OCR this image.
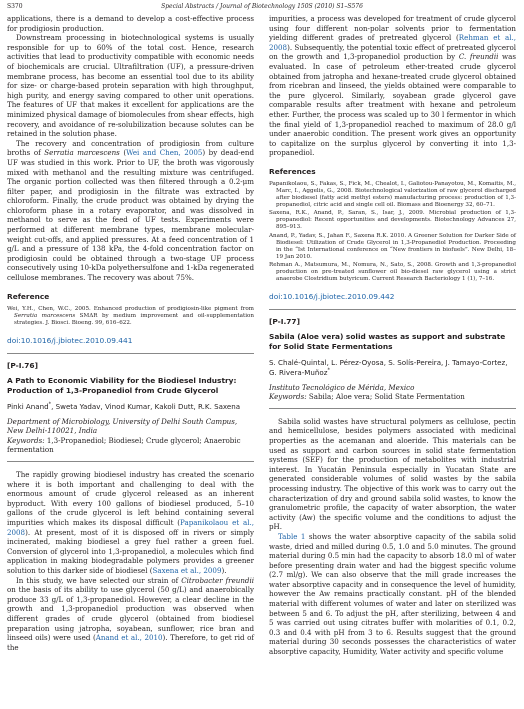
S370	Special Abstracts / Journal of Biotechnology 150S (2010) S1–S576

applications, there is a demand to develop a cost-effective process for prodigiosin production.

Downstream processing in biotechnological systems is usually responsible for up to 60% of the total cost. Hence, research activities that lead to productivity compatible with economic needs of biochemicals are crucial. Ultrafiltration (UF), a pressure-driven membrane process, has become an essential tool due to its ability for size- or charge-based protein separation with high throughput, high purity, and energy saving compared to other unit operations. The features of UF that makes it excellent for applications are the minimized physical damage of biomolecules from shear effects, high recovery, and avoidance of re-solubilization because solutes can be retained in the solution phase.

The recovery and concentration of prodigiosin from culture broths of Serratia marcescens (Wei and Chen, 2005) by dead-end UF was studied in this work. Prior to UF, the broth was vigorously mixed with methanol and the resulting mixture was centrifuged. The organic portion collected was then filtered through a 0.2-μm filter paper, and prodigiosin in the filtrate was extracted by chloroform. Finally, the crude product was obtained by drying the chloroform phase in a rotary evaporator, and was dissolved in methanol to serve as the feed of UF tests. Experiments were performed at different membrane types, membrane molecular-weight cut-offs, and applied pressures. At a feed concentration of 1 g/L and a pressure of 138 kPa, the 4-fold concentration factor on prodigiosin could be obtained through a two-stage UF process consecutively using 10-kDa polyethersulfone and 1-kDa regenerated cellulose membranes. The recovery was about 75%.

Reference
Wei, Y.H., Chen, W.C., 2005. Enhanced production of prodigiosin-like pigment from Serratia marcescens SMΔR by medium improvement and oil-supplementation strategies. J. Biosci. Bioeng. 99, 616–622.
doi:10.1016/j.jbiotec.2010.09.441
[P-I.76]
A Path to Economic Viability for the Biodiesel Industry: Production of 1,3-Propanediol from Crude Glycerol
Pinki Anand*, Sweta Yadav, Vinod Kumar, Kakoli Dutt, R.K. Saxena
Department of Microbiology, University of Delhi South Campus, New Delhi-110021, India
Keywords: 1,3-Propanediol; Biodiesel; Crude glycerol; Anaerobic fermentation

The rapidly growing biodiesel industry has created the scenario where it is both important and challenging to deal with the enormous amount of crude glycerol released as an inherent byproduct. With every 100 gallons of biodiesel produced, 5–10 gallons of the crude glycerol is left behind containing several impurities which makes its disposal difficult (Papanikolaou et al., 2008). At present, most of it is disposed off in rivers or simply incinerated, making biodiesel a grey fuel rather a green fuel. Conversion of glycerol into 1,3-propanediol, a molecules which find application in making biodegradable polymers provides a greener solution to this darker side of biodiesel (Saxena et al., 2009).

In this study, we have selected our strain of Citrobacter freundii on the basis of its ability to use glycerol (50 g/L) and anaerobically produce 33 g/L of 1,3-propanediol. However, a clear decline in the growth and 1,3-propanediol production was observed when different grades of crude glycerol (obtained from biodiesel preparation using jatropha, soyabean, sunflower, rice bran and linseed oils) were used (Anand et al., 2010). Therefore, to get rid of the

impurities, a process was developed for treatment of crude glycerol using four different non-polar solvents prior to fermentation yielding different grades of pretreated glycerol (Rehman et al., 2008). Subsequently, the potential toxic effect of pretreated glycerol on the growth and 1,3-propanediol production by C. freundii was evaluated. In case of petroleum ether-treated crude glycerol obtained from jatropha and hexane-treated crude glycerol obtained from ricebran and linseed, the yields obtained were comparable to the pure glycerol. Similarly, soyabean grade glycerol gave comparable results after treatment with hexane and petroleum ether. Further, the process was scaled up to 30 l fermentor in which the final yield of 1,3-propanediol reached to maximum of 28.0 g/l under anaerobic condition. The present work gives an opportunity to capitalize on the surplus glycerol by converting it into 1,3-propanediol.

References
Papanikolaou, S., Fakas, S., Fick, M., Chealot, I., Galiotou-Panayotou, M., Komaitis, M., Marc, I., Aggelis, G., 2008. Biotechnological valorization of raw glycerol discharged after biodiesel (fatty acid methyl esters) manufacturing process: production of 1,3-propanediol, citric acid and single cell oil. Biomass and Bioenergy 32, 60–71.
Saxena, R.K., Anand, P., Saran, S., Isar, J., 2009. Microbial production of 1,3-propanediol: Recent opportunities and developments. Biotechnology Advances 27, 895–913.
Anand, P., Yadav, S., Jahan F., Saxena R.K. 2010. A Greener Solution for Darker Side of Biodiesel: Utilization of Crude Glycerol in 1,3-Propanediol Production. Proceeding in the “Ist International conference on “New frontiers in biofuels”. New Delhi, 18–19 Jan 2010.
Rehman A., Matsumura, M., Nomura, N., Sato, S., 2008. Growth and 1,3-propanediol production on pre-treated sunflower oil bio-diesel raw glycerol using a strict anaerobe Clostridium butyricum. Current Research Bacteriology 1 (1), 7–16.
doi:10.1016/j.jbiotec.2010.09.442
[P-I.77]
Sabila (Aloe vera) solid wastes as support and substrate for Solid State Fermentations
S. Chalé-Quintal, L. Pérez-Oyosa, S. Solís-Pereira, J. Tamayo-Cortez, G. Rivera-Muñoz*
Instituto Tecnológico de Mérida, Mexico
Keywords: Sabila; Aloe vera; Solid State Fermentation

Sabila solid wastes have structural polymers as cellulose, pectin and hemicellulose, besides polymers associated with medicinal properties as the acemanan and aloeride. This materials can be used as support and carbon sources in solid state fermentation systems (SEF) for the production of metabolites with industrial interest. In Yucatán Peninsula especially in Yucatan State are generated considerable volumes of solid wastes by the sabila processing industry. The objective of this work was to carry out the characterization of dry and ground sabila solid wastes, to know the granulometric profile, the capacity of water absorption, the water activity (Aw) the specific volume and the conditions to adjust the pH.

Table 1 shows the water absorptive capacity of the sabila solid waste, dried and milled during 0.5, 1.0 and 5.0 minutes. The ground material during 0.5 min had the capacity to absorb 18.0 ml of water before presenting drain water and had the biggest specific volume (2.7 ml/g). We can also observe that the mill grade increases the water absorptive capacity and in consequence the level of humidity, however the Aw remains practically constant. pH of the blended material with different volumes of water and later on sterilized was between 5 and 6. To adjust the pH, after sterilizing, between 4 and 5 was carried out using citrates buffer with molarities of 0.1, 0.2, 0.3 and 0.4 with pH from 3 to 6. Results suggest that the ground material during 30 seconds possesses the characteristics of water absorptive capacity, Humidity, Water activity and specific volume
